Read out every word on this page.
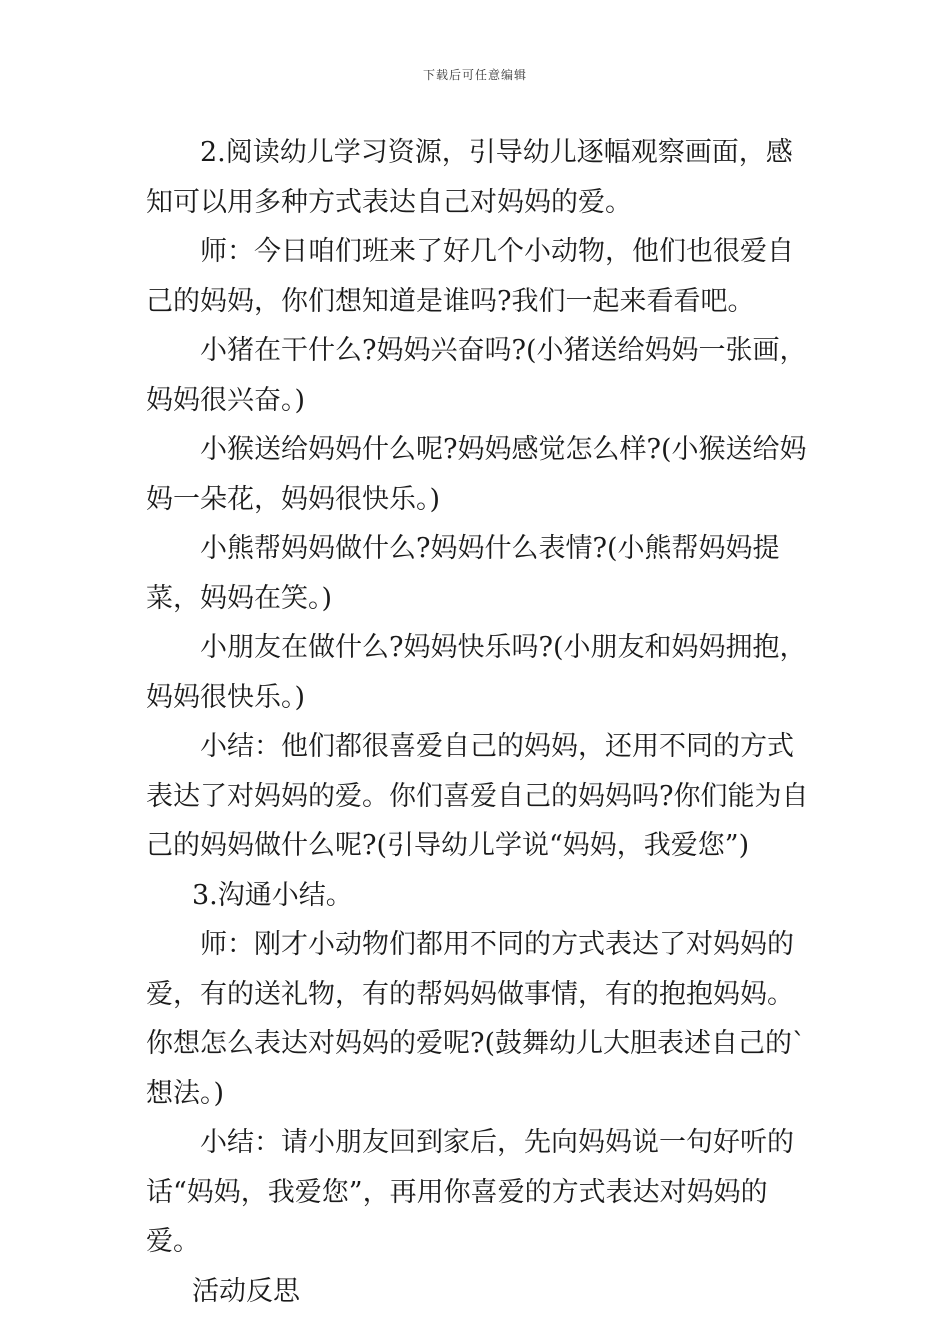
下载后可任意编辑

2.阅读幼儿学习资源，引导幼儿逐幅观察画面，感知可以用多种方式表达自己对妈妈的爱。

师：今日咱们班来了好几个小动物，他们也很爱自己的妈妈，你们想知道是谁吗?我们一起来看看吧。

小猪在干什么?妈妈兴奋吗?(小猪送给妈妈一张画，妈妈很兴奋。)

小猴送给妈妈什么呢?妈妈感觉怎么样?(小猴送给妈妈一朵花，妈妈很快乐。)

小熊帮妈妈做什么?妈妈什么表情?(小熊帮妈妈提菜，妈妈在笑。)

小朋友在做什么?妈妈快乐吗?(小朋友和妈妈拥抱，妈妈很快乐。)

小结：他们都很喜爱自己的妈妈，还用不同的方式表达了对妈妈的爱。你们喜爱自己的妈妈吗?你们能为自己的妈妈做什么呢?(引导幼儿学说“妈妈，我爱您”)

3.沟通小结。

师：刚才小动物们都用不同的方式表达了对妈妈的爱，有的送礼物，有的帮妈妈做事情，有的抱抱妈妈。你想怎么表达对妈妈的爱呢?(鼓舞幼儿大胆表述自己的`想法。)

小结：请小朋友回到家后，先向妈妈说一句好听的话“妈妈，我爱您”，再用你喜爱的方式表达对妈妈的爱。

活动反思
